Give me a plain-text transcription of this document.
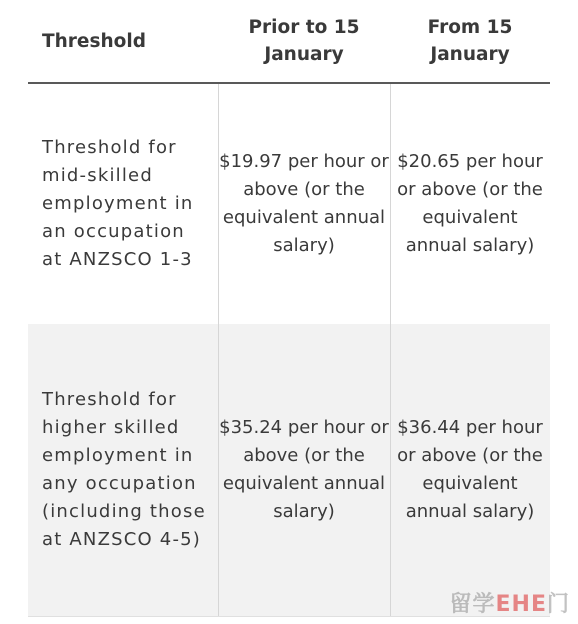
Threshold
Prior to 15 January
From 15 January
Threshold for mid-skilled employment in an occupation at ANZSCO 1-3
$19.97 per hour or above (or the equivalent annual salary)
$20.65 per hour or above (or the equivalent annual salary)
Threshold for higher skilled employment in any occupation (including those at ANZSCO 4-5)
$35.24 per hour or above (or the equivalent annual salary)
$36.44 per hour or above (or the equivalent annual salary)
留学EHE门
